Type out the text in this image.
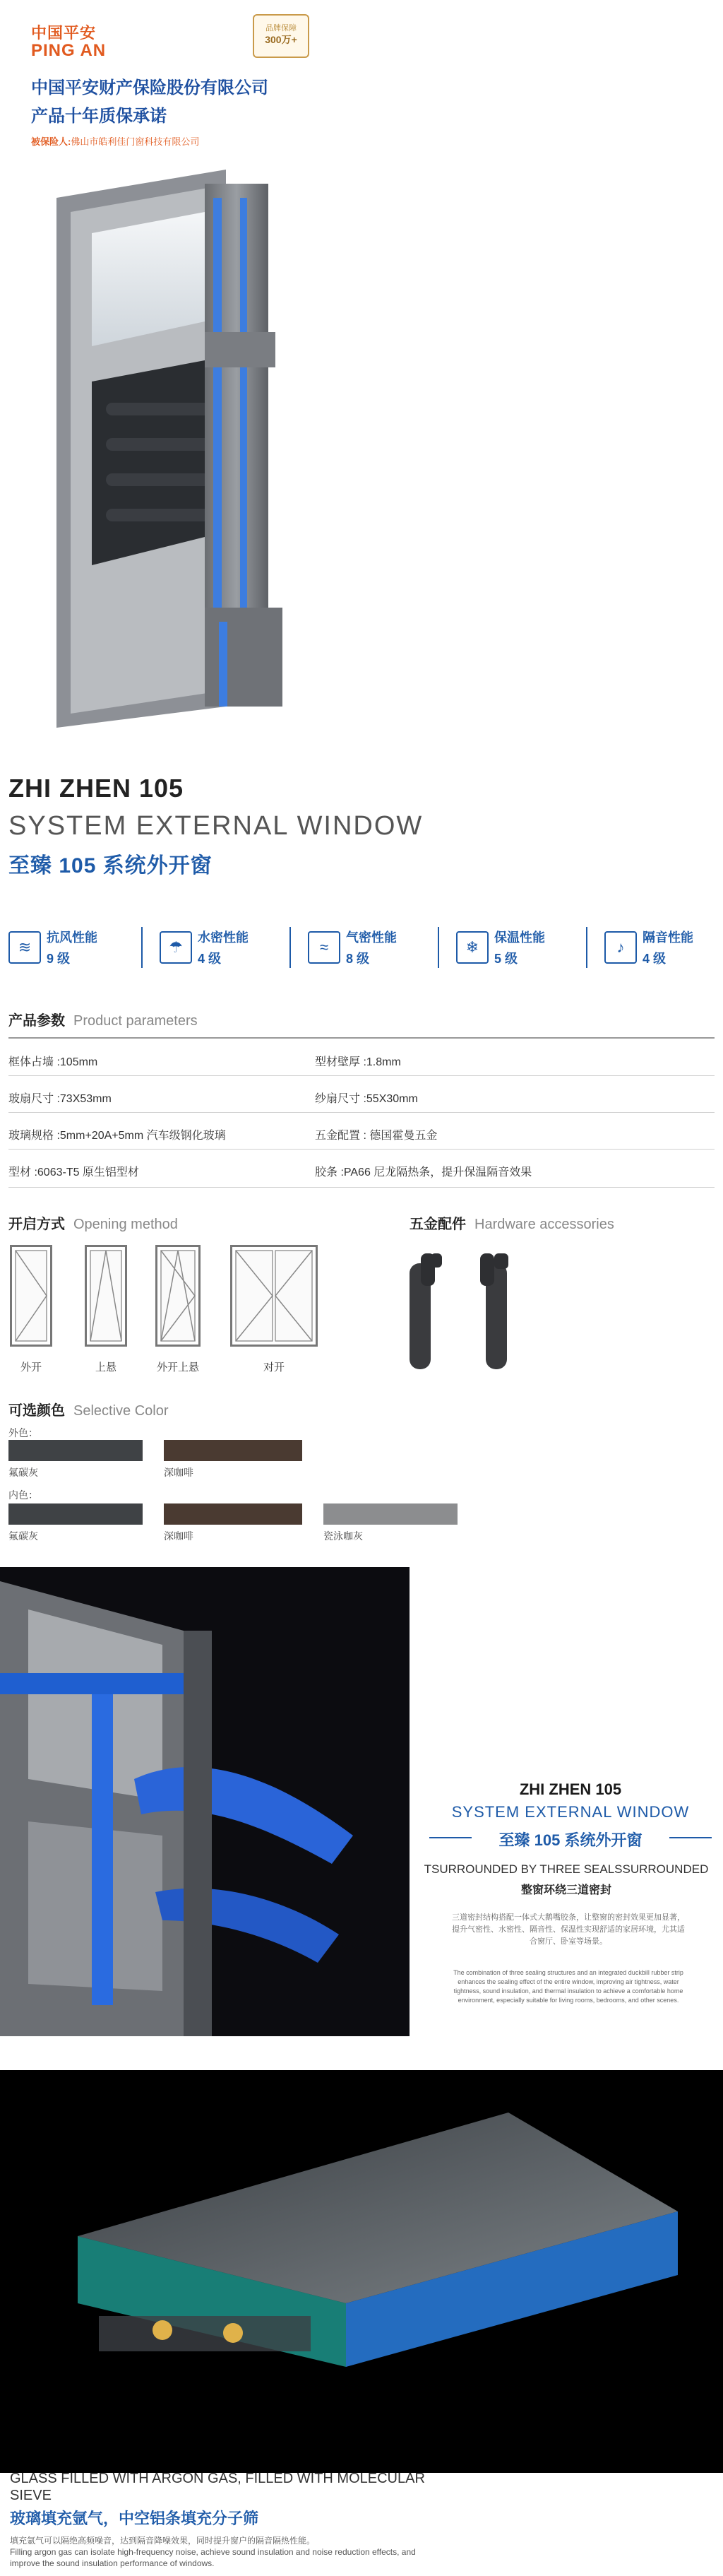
中国平安
PING AN
品牌保障
300万+
中国平安财产保险股份有限公司
产品十年质保承诺
被保险人:佛山市皓利佳门窗科技有限公司
ZHI ZHEN 105
SYSTEM EXTERNAL WINDOW
至臻 105 系统外开窗
≋
抗风性能
9 级
☂
水密性能
4 级
≈
气密性能
8 级
❄
保温性能
5 级
♪
隔音性能
4 级
产品参数 Product parameters
框体占墙 :105mm	型材壁厚 :1.8mm
玻扇尺寸 :73X53mm	纱扇尺寸 :55X30mm
玻璃规格 :5mm+20A+5mm 汽车级钢化玻璃	五金配置 : 德国霍曼五金
型材 :6063-T5 原生铝型材	胶条 :PA66 尼龙隔热条，提升保温隔音效果
开启方式 Opening method
外开	上悬	外开上悬	对开
五金配件 Hardware accessories
可选颜色 Selective Color
外色：
氟碳灰	深咖啡
内色：
氟碳灰	深咖啡	瓷泳咖灰
ZHI ZHEN 105
SYSTEM EXTERNAL WINDOW
至臻 105 系统外开窗
TSURROUNDED BY THREE SEALSSURROUNDED
整窗环绕三道密封
三道密封结构搭配一体式大鹅嘴胶条，让整窗的密封效果更加显著，提升气密性、水密性、隔音性、保温性实现舒适的家居环境，尤其适合窗厅、卧室等场景。
The combination of three sealing structures and an integrated duckbill rubber strip enhances the sealing effect of the entire window, improving air tightness, water tightness, sound insulation, and thermal insulation to achieve a comfortable home environment, especially suitable for living rooms, bedrooms, and other scenes.
GLASS FILLED WITH ARGON GAS, FILLED WITH MOLECULAR SIEVE
玻璃填充氩气，中空铝条填充分子筛
填充氩气可以隔绝高频噪音，达到隔音降噪效果，同时提升窗户的隔音隔热性能。
Filling argon gas can isolate high-frequency noise, achieve sound insulation and noise reduction effects, and improve the sound insulation performance of windows.
